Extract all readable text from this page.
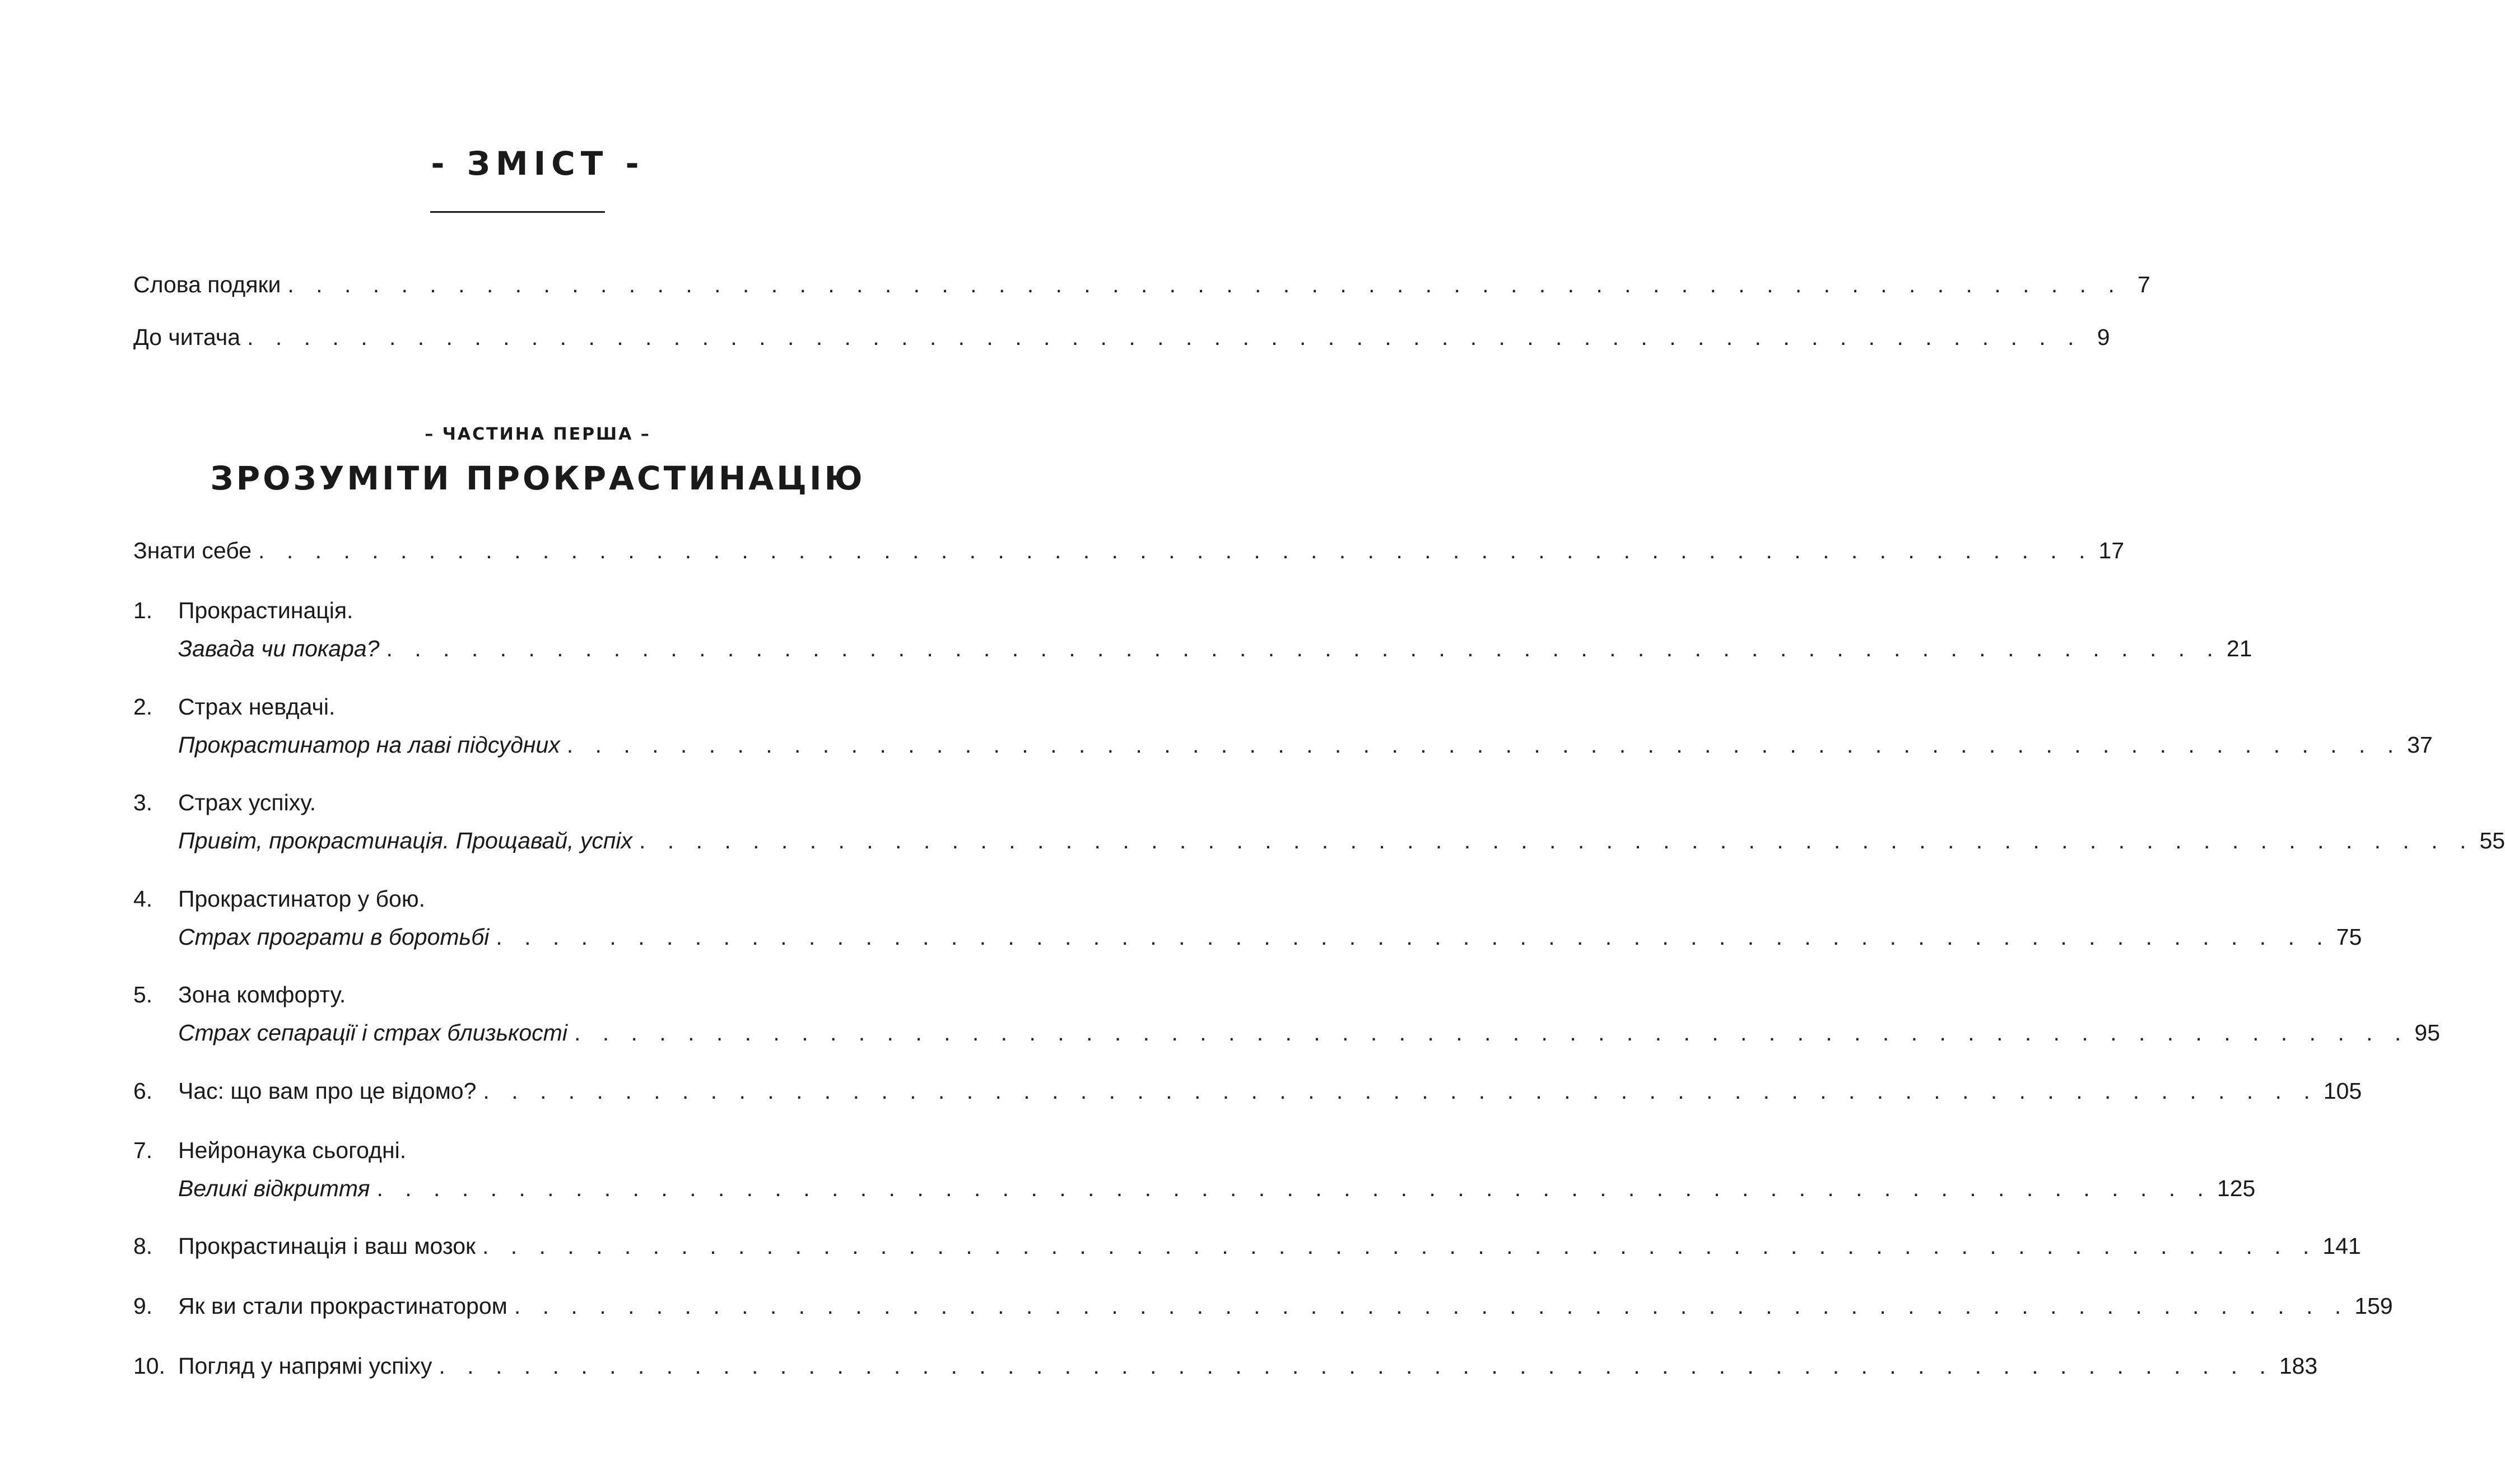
- ЗМІСТ -
Слова подяки . . . . . . . . . . . . . . . . . . . . . . . . . . . . . . . . . . . . . . . . . . . . . . . . . . . . . . . . . . . . . . . . . 7
До читача . . . . . . . . . . . . . . . . . . . . . . . . . . . . . . . . . . . . . . . . . . . . . . . . . . . . . . . . . . . . . . . . . 9
– ЧАСТИНА ПЕРША –
ЗРОЗУМІТИ ПРОКРАСТИНАЦІЮ
Знати себе . . . . . . . . . . . . . . . . . . . . . . . . . . . . . . . . . . . . . . . . . . . . . . . . . . . . . . . . . . . . . . . . . 17
1.	Прокрастинація.
Завада чи покара? . . . . . . . . . . . . . . . . . . . . . . . . . . . . . . . . . . . . . . . . . . . . . . . . . . . . . . . . . . . . . . . . . 21
2.	Страх невдачі.
Прокрастинатор на лаві підсудних . . . . . . . . . . . . . . . . . . . . . . . . . . . . . . . . . . . . . . . . . . . . . . . . . . . . . . . . . . . . . . . . . 37
3.	Страх успіху.
Привіт, прокрастинація. Прощавай, успіх . . . . . . . . . . . . . . . . . . . . . . . . . . . . . . . . . . . . . . . . . . . . . . . . . . . . . . . . . . . . . . . . . 55
4.	Прокрастинатор у бою.
Страх програти в боротьбі . . . . . . . . . . . . . . . . . . . . . . . . . . . . . . . . . . . . . . . . . . . . . . . . . . . . . . . . . . . . . . . . . 75
5.	Зона комфорту.
Страх сепарації і страх близькості . . . . . . . . . . . . . . . . . . . . . . . . . . . . . . . . . . . . . . . . . . . . . . . . . . . . . . . . . . . . . . . . . 95
6.	Час: що вам про це відомо? . . . . . . . . . . . . . . . . . . . . . . . . . . . . . . . . . . . . . . . . . . . . . . . . . . . . . . . . . . . . . . . . . 105
7.	Нейронаука сьогодні.
Великі відкриття . . . . . . . . . . . . . . . . . . . . . . . . . . . . . . . . . . . . . . . . . . . . . . . . . . . . . . . . . . . . . . . . . 125
8.	Прокрастинація і ваш мозок . . . . . . . . . . . . . . . . . . . . . . . . . . . . . . . . . . . . . . . . . . . . . . . . . . . . . . . . . . . . . . . . . 141
9.	Як ви стали прокрастинатором . . . . . . . . . . . . . . . . . . . . . . . . . . . . . . . . . . . . . . . . . . . . . . . . . . . . . . . . . . . . . . . . . 159
10. Погляд у напрямі успіху . . . . . . . . . . . . . . . . . . . . . . . . . . . . . . . . . . . . . . . . . . . . . . . . . . . . . . . . . . . . . . . . . 183
